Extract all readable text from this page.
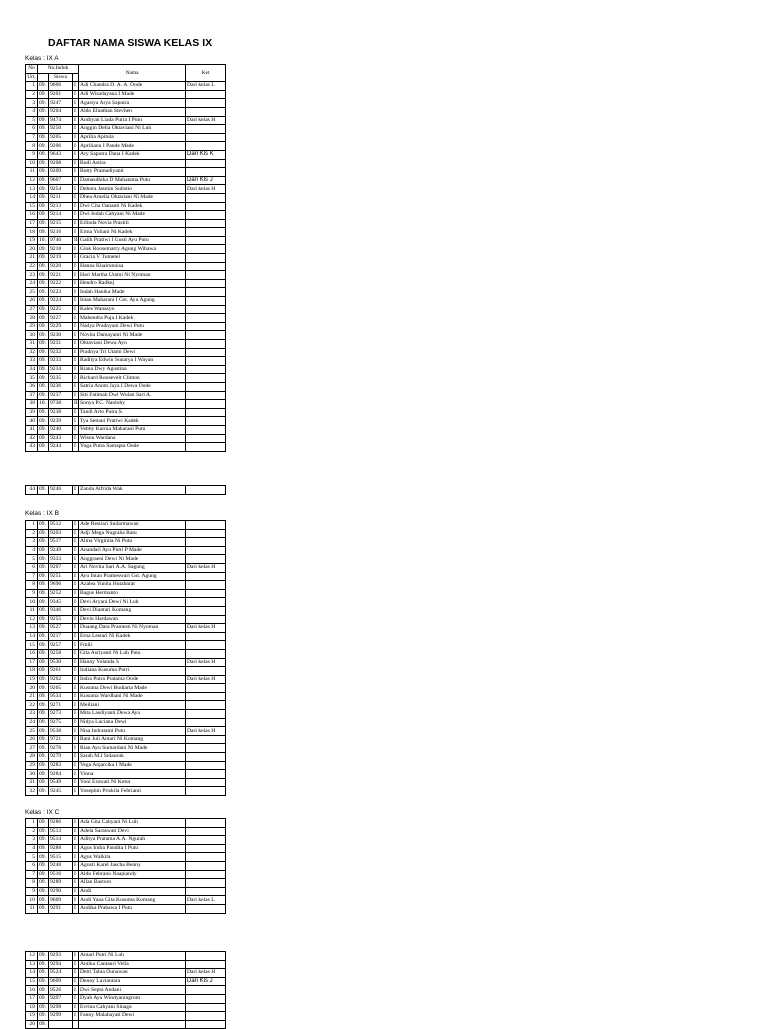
DAFTAR NAMA SISWA KELAS IX
Kelas : IX A
No	No.Induk			Nama	Ket
Urt.		Siswa			
1	09.	9606	I	Adi Chandra D. A. A. Oode	Dari kelas L
2	09.	9201	I	Adi Wisadayana I Made	
3	09.	9247	I	Agastya Arya Saputra	
4	09.	9204	I	Aldo Elnathan Stevhen	
5	09.	9474	I	Andryan Liada Putra I Putu	Dari kelas H
6	09.	9250	I	Anggin Delia Oktaviani Ni Luh	
7	09.	9205	I	Aprilia Apitula	
8	09.	9206	I	Aprilianu I Pande Made	
9	09.	9643	I	Ary Saputra Dana I Kadek	Dari Kls K
10	09.	9208	I	Budi Astira	
11	09.	9209	I	Butty Pramadiyanti	
12	09.	9607	I	Damasdhika D Mahatama Putu	Dari Kls J
13	09.	9254	I	Debora Jasmin Sulistio	Dari kelas H
14	09.	9211	I	Dhea Amelia Oktariani Ni Made	
15	09.	9213	I	Dwi Cita Oananti Ni Kadek	
16	09.	9214	I	Dwi Indah Cahyani Ni Made	
17	09.	9215	I	Erlinda Novia Prastiti	
18	09.	9216	I	Erma Yuliani Ni Kadek	
19	10.	9746	II	Galih Pratiwi I Gusti Ayu Putu	
20	09.	9218	I	Glok Roosemarry Agung Wibawa	
21	09.	9219	I	Gracia V Tumetel	
22	09.	9220	I	Hanna Khairunnisa	
23	09.	9221	I	Hari Martha Utami Ni Nyoman	
24	09.	9222	I	Hendro Radkej	
25	09.	9223	I	Indah Hanika Made	
26	09.	9224	I	Intan Maharani I Gst. Ayu Agung	
27	09.	9225	I	Kales Wanasyo	
28	09.	9227	I	Mahendra Puja I Kadek	
29	09.	9229	I	Nadya Pradnyani Dewi Putu	
30	09.	9230	I	Novita Damayanti Ni Made	
31	09.	9231	I	Oktaviani Dewa Ayu	
32	09.	9232	I	Pradnya Tri Utami Dewi	
33	09.	9233	I	Raditya Edwin Sunarya I Wayan	
34	09.	9234	I	Riana Dwy Agustina	
35	09.	9235	I	Richard Roosevelt Clinton	
36	09.	9236	I	Satria Anom Jaya I Dewa Oode	
37	09.	9237	I	Siti Fatimah Dwi Wulan Sari A.	
38	10.	9738	II	Sonya P.C. Nanlohy	
39	09.	9238	I	Tandi Arto Putra S.	
40	09.	9239	I	Tya Setiani Pratiwi Kadek	
41	09.	9240	I	Vebby Karnia Maharani Putu	
42	09.	9243	I	Wisnu Wardana	
43	09.	9244	I	Yoga Putra Samapta Oode	
44	09.	9246	I	Zanda Alfrida Wak	
Kelas : IX B
1	09.	9512	I	Ade Restiari Sudarmawan	
2	09.	9203	I	Adji Mega Nugraha Ratu	
3	09.	9517	I	Alma Virginita Ni Putu	
4	09.	9249	I	Anandari Ayu Putri P Made	
5	09.	9333	I	Anggraeni Dewi Ni Made	
6	09.	9207	I	Ari Novita Sari A.A. Sagung	Dari kelas H
7	09.	9251	I	Ayu Intan Prameswari Gst. Agung	
8	09.	9696	I	Azalea Yunita Hutabarat	
9	09.	9252	I	Bagus Hermanto	
10	09.	9345	I	Devi Aryani Dewi Ni Luh	
11	09.	9346	I	Devi Diantari Komang	
12	09.	9255	I	Devin Hardawan	
13	09.	9527	I	Duaang Dara Pramesti Ni Nyoman	Dari kelas H
14	09.	9217	I	Erna Lestari Ni Kadek	
15	09.	9257	I	Fmili	
16	09.	9258	I	Gita Asriyanti Ni Luh Putu	
17	09.	9530	I	Hanny Yolanda S	Dari kelas H
18	09.	9261	I	Indiana Kusuma Putri	
19	09.	9262	I	Indra Putra Pratama Oode	Dari kelas H
20	09.	9265	I	Kusuma Dewi Budiarta Made	
21	09.	9534	I	Kusuma Wardhani Ni Made	
22	09.	9271	I	Meiliani	
23	09.	9273	I	Mita Lasdiyanti Dewa Ayu	
24	09.	9275	I	Nidya Luciana Dewi	
25	09.	9538	I	Nisa Indratami Putu	Dari kelas H
26	09.	9721	I	Rani Juli Antari Ni Komang	
27	09.	9278	I	Rian Ayu Sumardani Ni Made	
28	09.	9279	I	Sarah M.I Sidauruk	
29	09.	9283	I	Vega Anjarcika I Made	
30	09.	9284	I	Vinna	
31	09.	9549	I	Yoni Erawati Ni Ketut	
32	09.	9245	I	Yosephin Priskila Febrianti	
Kelas : IX C
1	09.	9286	I	Ada Gita Cahyani Ni Luh	
2	09.	9513	I	Adela Saraswati Devi	
3	09.	9514	I	Aditya Pratama A.A. Ngurah	
4	09.	9288	I	Agus Indra Pandita I Putu	
5	09.	9515	I	Agus Walkita	
6	09.	9248	I	Agusti Karel Jascha Benny	
7	09.	9516	I	Aldo Febrano Naapiandy	
8	09.	9289	I	Allan Bastoro	
9	09.	9290	I	Andi	
10	09.	9609	I	Andi Yana Gita Kusuma Komang	Dari kelas L
11	09.	9291	I	Andika Prabawa I Putu	
12	09.	9293	I	Antari Putri Ni Luh	
13	09.	9294	I	Antika Cantauri Vella	
14	09.	9524	I	Detti Tahta Ounawan	Dari kelas H
15	09.	9609	I	Denny Laviantara	Dari Kls J
16	09.	9526	I	Dwi Septa Andani	
17	09.	9297	I	Dyah Ayu Windyaningrum	
18	09.	9298	I	Evrina Cahyani Sinaga	
19	09.	9299	I	Fanny Malahayati Dewi	
20	09.				
